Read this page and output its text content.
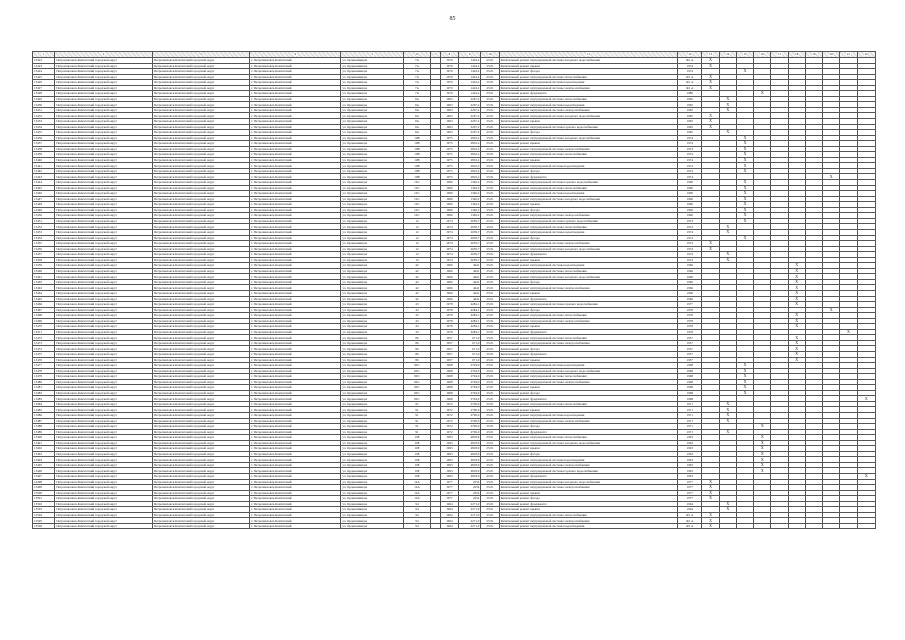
85
1	2	3	4	5	6	7	8	9	10	11	12	13	14	15	16	17	18	19	20	21	22
13422	Петропавловск-Камчатский городской округ	Петропавловск-Камчатский городской округ	г. Петропавловск-Камчатский	ул. Орджоникидзе	7А		1970	1424,2	25.01	Капитальный ремонт внутридомовой системы холодного водоснабжения	Ф1 А	Х									
13423	Петропавловск-Камчатский городской округ	Петропавловск-Камчатский городской округ	г. Петропавловск-Камчатский	ул. Орджоникидзе	7А		1970	1424,2	25.01	Капитальный ремонт крыши	1974	Х									
13424	Петропавловск-Камчатский городской округ	Петропавловск-Камчатский городской округ	г. Петропавловск-Камчатский	ул. Орджоникидзе	7А		1970	1424,2	25.01	Капитальный ремонт фасада	1974			Х							
13425	Петропавловск-Камчатский городской округ	Петропавловск-Камчатский городской округ	г. Петропавловск-Камчатский	ул. Орджоникидзе	7А		1970	1424,2	25.01	Капитальный ремонт внутридомовой системы теплоснабжения	Ф1 А	Х									
13426	Петропавловск-Камчатский городской округ	Петропавловск-Камчатский городской округ	г. Петропавловск-Камчатский	ул. Орджоникидзе	7А		1970	1424,2	25.01	Капитальный ремонт внутридомовой системы водоотведения	Ф1 А	Х									
13427	Петропавловск-Камчатский городской округ	Петропавловск-Камчатский городской округ	г. Петропавловск-Камчатский	ул. Орджоникидзе	7А		1970	1424,2	25.01	Капитальный ремонт внутридомовой системы электроснабжения	Ф1 А	Х									
13428	Петропавловск-Камчатский городской округ	Петропавловск-Камчатский городской округ	г. Петропавловск-Камчатский	ул. Орджоникидзе	7А		1970	1424,2	25.01	Капитальный ремонт фундамента	1980				Х						
13429	Петропавловск-Камчатский городской округ	Петропавловск-Камчатский городской округ	г. Петропавловск-Камчатский	ул. Орджоникидзе	9А		1963	2267,2	25.01	Капитальный ремонт внутридомовой системы теплоснабжения	1965		Х								
13430	Петропавловск-Камчатский городской округ	Петропавловск-Камчатский городской округ	г. Петропавловск-Камчатский	ул. Орджоникидзе	9А		1963	2267,2	25.01	Капитальный ремонт внутридомовой системы водоотведения	1965		Х								
13431	Петропавловск-Камчатский городской округ	Петропавловск-Камчатский городской округ	г. Петропавловск-Камчатский	ул. Орджоникидзе	9А		1963	2267,2	25.01	Капитальный ремонт внутридомовой системы электроснабжения	1965		Х								
13432	Петропавловск-Камчатский городской округ	Петропавловск-Камчатский городской округ	г. Петропавловск-Камчатский	ул. Орджоникидзе	9А		1963	2267,2	25.01	Капитальный ремонт внутридомовой системы холодного водоснабжения	1965	Х									
13433	Петропавловск-Камчатский городской округ	Петропавловск-Камчатский городской округ	г. Петропавловск-Камчатский	ул. Орджоникидзе	9А		1963	2267,2	25.01	Капитальный ремонт крыши	1965	Х									
13434	Петропавловск-Камчатский городской округ	Петропавловск-Камчатский городской округ	г. Петропавловск-Камчатский	ул. Орджоникидзе	9А		1963	2267,2	25.01	Капитальный ремонт внутридомовой системы горячего водоснабжения	1965	Х									
13435	Петропавловск-Камчатский городской округ	Петропавловск-Камчатский городской округ	г. Петропавловск-Камчатский	ул. Орджоникидзе	9А		1963	2267,2	25.01	Капитальный ремонт фасада	1965		Х								
13436	Петропавловск-Камчатский городской округ	Петропавловск-Камчатский городской округ	г. Петропавловск-Камчатский	ул. Орджоникидзе	10В		1975	2816,2	25.01	Капитальный ремонт внутридомовой системы холодного водоснабжения	1974			Х							
13437	Петропавловск-Камчатский городской округ	Петропавловск-Камчатский городской округ	г. Петропавловск-Камчатский	ул. Орджоникидзе	10В		1975	2816,2	25.01	Капитальный ремонт крыши	1974			Х							
13438	Петропавловск-Камчатский городской округ	Петропавловск-Камчатский городской округ	г. Петропавловск-Камчатский	ул. Орджоникидзе	10В		1975	2816,2	25.01	Капитальный ремонт внутридомовой системы электроснабжения	1974			Х							
13439	Петропавловск-Камчатский городской округ	Петропавловск-Камчатский городской округ	г. Петропавловск-Камчатский	ул. Орджоникидзе	10В		1975	2816,2	25.01	Капитальный ремонт внутридомовой системы теплоснабжения	1974			Х							
13440	Петропавловск-Камчатский городской округ	Петропавловск-Камчатский городской округ	г. Петропавловск-Камчатский	ул. Орджоникидзе	10В		1975	2816,2	25.01	Капитальный ремонт крыши	1974			Х							
13441	Петропавловск-Камчатский городской округ	Петропавловск-Камчатский городской округ	г. Петропавловск-Камчатский	ул. Орджоникидзе	10В		1975	2816,2	25.01	Капитальный ремонт внутридомовой системы водоотведения	1974			Х							
13442	Петропавловск-Камчатский городской округ	Петропавловск-Камчатский городской округ	г. Петропавловск-Камчатский	ул. Орджоникидзе	10В		1975	2816,2	25.01	Капитальный ремонт фасада	1974			Х							
13443	Петропавловск-Камчатский городской округ	Петропавловск-Камчатский городской округ	г. Петропавловск-Камчатский	ул. Орджоникидзе	10В		1975	2816,2	25.01	Капитальный ремонт фундамента	1974								Х		
13444	Петропавловск-Камчатский городской округ	Петропавловск-Камчатский городской округ	г. Петропавловск-Камчатский	ул. Орджоникидзе	10/1		1990	1346,2	25.01	Капитальный ремонт внутридомовой системы горячего водоснабжения	1990			Х							
13445	Петропавловск-Камчатский городской округ	Петропавловск-Камчатский городской округ	г. Петропавловск-Камчатский	ул. Орджоникидзе	10/1		1990	1346,2	25.01	Капитальный ремонт внутридомовой системы теплоснабжения	1990			Х							
13446	Петропавловск-Камчатский городской округ	Петропавловск-Камчатский городской округ	г. Петропавловск-Камчатский	ул. Орджоникидзе	10/1		1990	1346,2	25.01	Капитальный ремонт внутридомовой системы водоотведения	1990			Х							
13447	Петропавловск-Камчатский городской округ	Петропавловск-Камчатский городской округ	г. Петропавловск-Камчатский	ул. Орджоникидзе	10/1		1990	1346,2	25.01	Капитальный ремонт внутридомовой системы холодного водоснабжения	1990			Х							
13448	Петропавловск-Камчатский городской округ	Петропавловск-Камчатский городской округ	г. Петропавловск-Камчатский	ул. Орджоникидзе	10/1		1990	1346,2	25.01	Капитальный ремонт крыши	1990			Х							
13449	Петропавловск-Камчатский городской округ	Петропавловск-Камчатский городской округ	г. Петропавловск-Камчатский	ул. Орджоникидзе	10/1		1990	1346,2	25.01	Капитальный ремонт фасада	1990			Х							
13450	Петропавловск-Камчатский городской округ	Петропавловск-Камчатский городской округ	г. Петропавловск-Камчатский	ул. Орджоникидзе	10/1		1990	1346,2	25.01	Капитальный ремонт внутридомовой системы электроснабжения	1990			Х							
13451	Петропавловск-Камчатский городской округ	Петропавловск-Камчатский городской округ	г. Петропавловск-Камчатский	ул. Орджоникидзе	12		1974	2659,7	25.01	Капитальный ремонт внутридомовой системы горячего водоснабжения	1974			Х							
13452	Петропавловск-Камчатский городской округ	Петропавловск-Камчатский городской округ	г. Петропавловск-Камчатский	ул. Орджоникидзе	12		1974	2659,7	25.01	Капитальный ремонт внутридомовой системы теплоснабжения	1974		Х								
13453	Петропавловск-Камчатский городской округ	Петропавловск-Камчатский городской округ	г. Петропавловск-Камчатский	ул. Орджоникидзе	12		1974	2659,7	25.01	Капитальный ремонт внутридомовой системы водоотведения	1974		Х								
13454	Петропавловск-Камчатский городской округ	Петропавловск-Камчатский городской округ	г. Петропавловск-Камчатский	ул. Орджоникидзе	12		1974	2659,7	25.01	Капитальный ремонт фасада	1974			Х							
13455	Петропавловск-Камчатский городской округ	Петропавловск-Камчатский городской округ	г. Петропавловск-Камчатский	ул. Орджоникидзе	12		1974	2659,7	25.01	Капитальный ремонт внутридомовой системы электроснабжения	1974	Х									
13456	Петропавловск-Камчатский городской округ	Петропавловск-Камчатский городской округ	г. Петропавловск-Камчатский	ул. Орджоникидзе	12		1974	2659,7	25.01	Капитальный ремонт внутридомовой системы холодного водоснабжения	1974	Х									
13457	Петропавловск-Камчатский городской округ	Петропавловск-Камчатский городской округ	г. Петропавловск-Камчатский	ул. Орджоникидзе	12		1974	2659,7	25.01	Капитальный ремонт фундамента	1974		Х								
13458	Петропавловск-Камчатский городской округ	Петропавловск-Камчатский городской округ	г. Петропавловск-Камчатский	ул. Орджоникидзе	12		1974	2659,7	25.01	Капитальный ремонт крыши	1974		Х								
13459	Петропавловск-Камчатский городской округ	Петропавловск-Камчатский городской округ	г. Петропавловск-Камчатский	ул. Орджоникидзе	42		1966	4441	25.01	Капитальный ремонт внутридомовой системы водоотведения	1966						Х				
13460	Петропавловск-Камчатский городской округ	Петропавловск-Камчатский городской округ	г. Петропавловск-Камчатский	ул. Орджоникидзе	42		1966	4441	25.01	Капитальный ремонт внутридомовой системы теплоснабжения	1966						Х				
13461	Петропавловск-Камчатский городской округ	Петропавловск-Камчатский городской округ	г. Петропавловск-Камчатский	ул. Орджоникидзе	42		1966	4441	25.01	Капитальный ремонт внутридомовой системы холодного водоснабжения	1966						Х				
13462	Петропавловск-Камчатский городской округ	Петропавловск-Камчатский городской округ	г. Петропавловск-Камчатский	ул. Орджоникидзе	42		1966	4441	25.01	Капитальный ремонт фасада	1966						Х				
13463	Петропавловск-Камчатский городской округ	Петропавловск-Камчатский городской округ	г. Петропавловск-Камчатский	ул. Орджоникидзе	42		1966	4441	25.01	Капитальный ремонт внутридомовой системы электроснабжения	1966						Х				
13464	Петропавловск-Камчатский городской округ	Петропавловск-Камчатский городской округ	г. Петропавловск-Камчатский	ул. Орджоникидзе	42		1966	4441	25.01	Капитальный ремонт крыши	1966						Х				
13465	Петропавловск-Камчатский городской округ	Петропавловск-Камчатский городской округ	г. Петропавловск-Камчатский	ул. Орджоникидзе	42		1966	4441	25.01	Капитальный ремонт фундамента	1966						Х				
13466	Петропавловск-Камчатский городской округ	Петропавловск-Камчатский городской округ	г. Петропавловск-Камчатский	ул. Орджоникидзе	43		1978	4284,1	25.01	Капитальный ремонт внутридомовой системы горячего водоснабжения	1977						Х				
13467	Петропавловск-Камчатский городской округ	Петропавловск-Камчатский городской округ	г. Петропавловск-Камчатский	ул. Орджоникидзе	43		1978	4284,1	25.01	Капитальный ремонт фасада	1978								Х		
13468	Петропавловск-Камчатский городской округ	Петропавловск-Камчатский городской округ	г. Петропавловск-Камчатский	ул. Орджоникидзе	43		1978	4284,1	25.01	Капитальный ремонт внутридомовой системы теплоснабжения	1978						Х				
13469	Петропавловск-Камчатский городской округ	Петропавловск-Камчатский городской округ	г. Петропавловск-Камчатский	ул. Орджоникидзе	43		1978	4284,1	25.01	Капитальный ремонт внутридомовой системы электроснабжения	1978						Х				
13470	Петропавловск-Камчатский городской округ	Петропавловск-Камчатский городской округ	г. Петропавловск-Камчатский	ул. Орджоникидзе	43		1978	4284,1	25.01	Капитальный ремонт крыши	1978						Х				
13471	Петропавловск-Камчатский городской округ	Петропавловск-Камчатский городской округ	г. Петропавловск-Камчатский	ул. Орджоникидзе	43		1978	4284,1	25.01	Капитальный ремонт фундамента	1978									Х	
13472	Петропавловск-Камчатский городской округ	Петропавловск-Камчатский городской округ	г. Петропавловск-Камчатский	ул. Орджоникидзе	86		1957	671,0	25.01	Капитальный ремонт внутридомовой системы теплоснабжения	1957						Х				
13473	Петропавловск-Камчатский городской округ	Петропавловск-Камчатский городской округ	г. Петропавловск-Камчатский	ул. Орджоникидзе	86		1957	671,0	25.01	Капитальный ремонт внутридомовой системы электроснабжения	1957						Х				
13474	Петропавловск-Камчатский городской округ	Петропавловск-Камчатский городской округ	г. Петропавловск-Камчатский	ул. Орджоникидзе	86		1957	671,0	25.01	Капитальный ремонт фасада	1957						Х				
13475	Петропавловск-Камчатский городской округ	Петропавловск-Камчатский городской округ	г. Петропавловск-Камчатский	ул. Орджоникидзе	86		1957	671,0	25.01	Капитальный ремонт фундамента	1957						Х				
13476	Петропавловск-Камчатский городской округ	Петропавловск-Камчатский городской округ	г. Петропавловск-Камчатский	ул. Орджоникидзе	86		1957	671,0	25.01	Капитальный ремонт крыши	1957						Х				
13477	Петропавловск-Камчатский городской округ	Петропавловск-Камчатский городской округ	г. Петропавловск-Камчатский	ул. Орджоникидзе	90/1		1968	2794,0	25.01	Капитальный ремонт внутридомовой системы водоотведения	1968			Х							
13478	Петропавловск-Камчатский городской округ	Петропавловск-Камчатский городской округ	г. Петропавловск-Камчатский	ул. Орджоникидзе	90/1		1968	2794,0	25.01	Капитальный ремонт внутридомовой системы холодного водоснабжения	1968			Х							
13479	Петропавловск-Камчатский городской округ	Петропавловск-Камчатский городской округ	г. Петропавловск-Камчатский	ул. Орджоникидзе	90/1		1968	2794,0	25.01	Капитальный ремонт внутридомовой системы теплоснабжения	1968			Х							
13480	Петропавловск-Камчатский городской округ	Петропавловск-Камчатский городской округ	г. Петропавловск-Камчатский	ул. Орджоникидзе	90/1		1968	2794,0	25.01	Капитальный ремонт внутридомовой системы электроснабжения	1968			Х							
13481	Петропавловск-Камчатский городской округ	Петропавловск-Камчатский городской округ	г. Петропавловск-Камчатский	ул. Орджоникидзе	90/1		1968	2794,0	25.01	Капитальный ремонт крыши	1968			Х							
13482	Петропавловск-Камчатский городской округ	Петропавловск-Камчатский городской округ	г. Петропавловск-Камчатский	ул. Орджоникидзе	90/1		1968	2794,0	25.01	Капитальный ремонт фасада	1968			Х							
13483	Петропавловск-Камчатский городской округ	Петропавловск-Камчатский городской округ	г. Петропавловск-Камчатский	ул. Орджоникидзе	90/1		1968	2794,0	25.01	Капитальный ремонт фундамента	1968										Х
13484	Петропавловск-Камчатский городской округ	Петропавловск-Камчатский городской округ	г. Петропавловск-Камчатский	ул. Орджоникидзе	91		1972	2706,0	25.01	Капитальный ремонт внутридомовой системы теплоснабжения	1971		Х								
13485	Петропавловск-Камчатский городской округ	Петропавловск-Камчатский городской округ	г. Петропавловск-Камчатский	ул. Орджоникидзе	91		1972	2706,0	25.01	Капитальный ремонт крыши	1971		Х								
13486	Петропавловск-Камчатский городской округ	Петропавловск-Камчатский городской округ	г. Петропавловск-Камчатский	ул. Орджоникидзе	91		1972	2706,0	25.01	Капитальный ремонт внутридомовой системы водоотведения	1971		Х								
13487	Петропавловск-Камчатский городской округ	Петропавловск-Камчатский городской округ	г. Петропавловск-Камчатский	ул. Орджоникидзе	91		1972	2706,0	25.01	Капитальный ремонт внутридомовой системы электроснабжения	1971		Х								
13488	Петропавловск-Камчатский городской округ	Петропавловск-Камчатский городской округ	г. Петропавловск-Камчатский	ул. Орджоникидзе	91		1972	2706,0	25.01	Капитальный ремонт фасада	1971				Х						
13489	Петропавловск-Камчатский городской округ	Петропавловск-Камчатский городской округ	г. Петропавловск-Камчатский	ул. Орджоникидзе	91		1972	2706,0	25.01	Капитальный ремонт фундамента	1971		Х								
13490	Петропавловск-Камчатский городской округ	Петропавловск-Камчатский городской округ	г. Петропавловск-Камчатский	ул. Орджоникидзе	108		1993	4818,9	25.01	Капитальный ремонт внутридомовой системы теплоснабжения	1993				Х						
13491	Петропавловск-Камчатский городской округ	Петропавловск-Камчатский городской округ	г. Петропавловск-Камчатский	ул. Орджоникидзе	108		1993	4818,9	25.01	Капитальный ремонт внутридомовой системы холодного водоснабжения	1993				Х						
13492	Петропавловск-Камчатский городской округ	Петропавловск-Камчатский городской округ	г. Петропавловск-Камчатский	ул. Орджоникидзе	108		1993	4818,9	25.01	Капитальный ремонт крыши	1993				Х						
13493	Петропавловск-Камчатский городской округ	Петропавловск-Камчатский городской округ	г. Петропавловск-Камчатский	ул. Орджоникидзе	108		1993	4818,9	25.01	Капитальный ремонт фасада	1993				Х						
13494	Петропавловск-Камчатский городской округ	Петропавловск-Камчатский городской округ	г. Петропавловск-Камчатский	ул. Орджоникидзе	108		1993	4818,9	25.01	Капитальный ремонт внутридомовой системы водоотведения	1993				Х						
13495	Петропавловск-Камчатский городской округ	Петропавловск-Камчатский городской округ	г. Петропавловск-Камчатский	ул. Орджоникидзе	108		1993	4818,9	25.01	Капитальный ремонт внутридомовой системы электроснабжения	1993				Х						
13496	Петропавловск-Камчатский городской округ	Петропавловск-Камчатский городской округ	г. Петропавловск-Камчатский	ул. Орджоникидзе	108		1993	4818,9	25.01	Капитальный ремонт внутридомовой системы горячего водоснабжения	1993				Х						
13497	Петропавловск-Камчатский городской округ	Петропавловск-Камчатский городской округ	г. Петропавловск-Камчатский	ул. Орджоникидзе	108		1993	4818,9	25.01	Капитальный ремонт фундамента	1993										Х
13498	Петропавловск-Камчатский городской округ	Петропавловск-Камчатский городской округ	г. Петропавловск-Камчатский	ул. Орджоникидзе	12А		1977	2254	25.01	Капитальный ремонт внутридомовой системы холодного водоснабжения	1977	Х									
13499	Петропавловск-Камчатский городской округ	Петропавловск-Камчатский городской округ	г. Петропавловск-Камчатский	ул. Орджоникидзе	12А		1977	2254	25.01	Капитальный ремонт внутридомовой системы электроснабжения	1977	Х									
13500	Петропавловск-Камчатский городской округ	Петропавловск-Камчатский городской округ	г. Петропавловск-Камчатский	ул. Орджоникидзе	12А		1977	2254	25.01	Капитальный ремонт крыши	1977	Х									
13501	Петропавловск-Камчатский городской округ	Петропавловск-Камчатский городской округ	г. Петропавловск-Камчатский	ул. Орджоникидзе	12А		1977	2254	25.01	Капитальный ремонт фасада	1977	Х									
13502	Петропавловск-Камчатский городской округ	Петропавловск-Камчатский городской округ	г. Петропавловск-Камчатский	ул. Орджоникидзе	94		1964	2271,0	25.01	Капитальный ремонт фундамента	1964		Х								
13503	Петропавловск-Камчатский городской округ	Петропавловск-Камчатский городской округ	г. Петропавловск-Камчатский	ул. Орджоникидзе	94		1964	2271,0	25.01	Капитальный ремонт крыши	1964		Х								
13504	Петропавловск-Камчатский городской округ	Петропавловск-Камчатский городской округ	г. Петропавловск-Камчатский	ул. Орджоникидзе	94		1964	2271,0	25.01	Капитальный ремонт внутридомовой системы теплоснабжения	Ф1 А	Х									
13505	Петропавловск-Камчатский городской округ	Петропавловск-Камчатский городской округ	г. Петропавловск-Камчатский	ул. Орджоникидзе	94		1964	2271,0	25.01	Капитальный ремонт внутридомовой системы электроснабжения	Ф1 А	Х									
13506	Петропавловск-Камчатский городской округ	Петропавловск-Камчатский городской округ	г. Петропавловск-Камчатский	ул. Орджоникидзе	94		1964	2271,0	25.01	Капитальный ремонт внутридомовой системы водоотведения	Ф1 А	Х									
